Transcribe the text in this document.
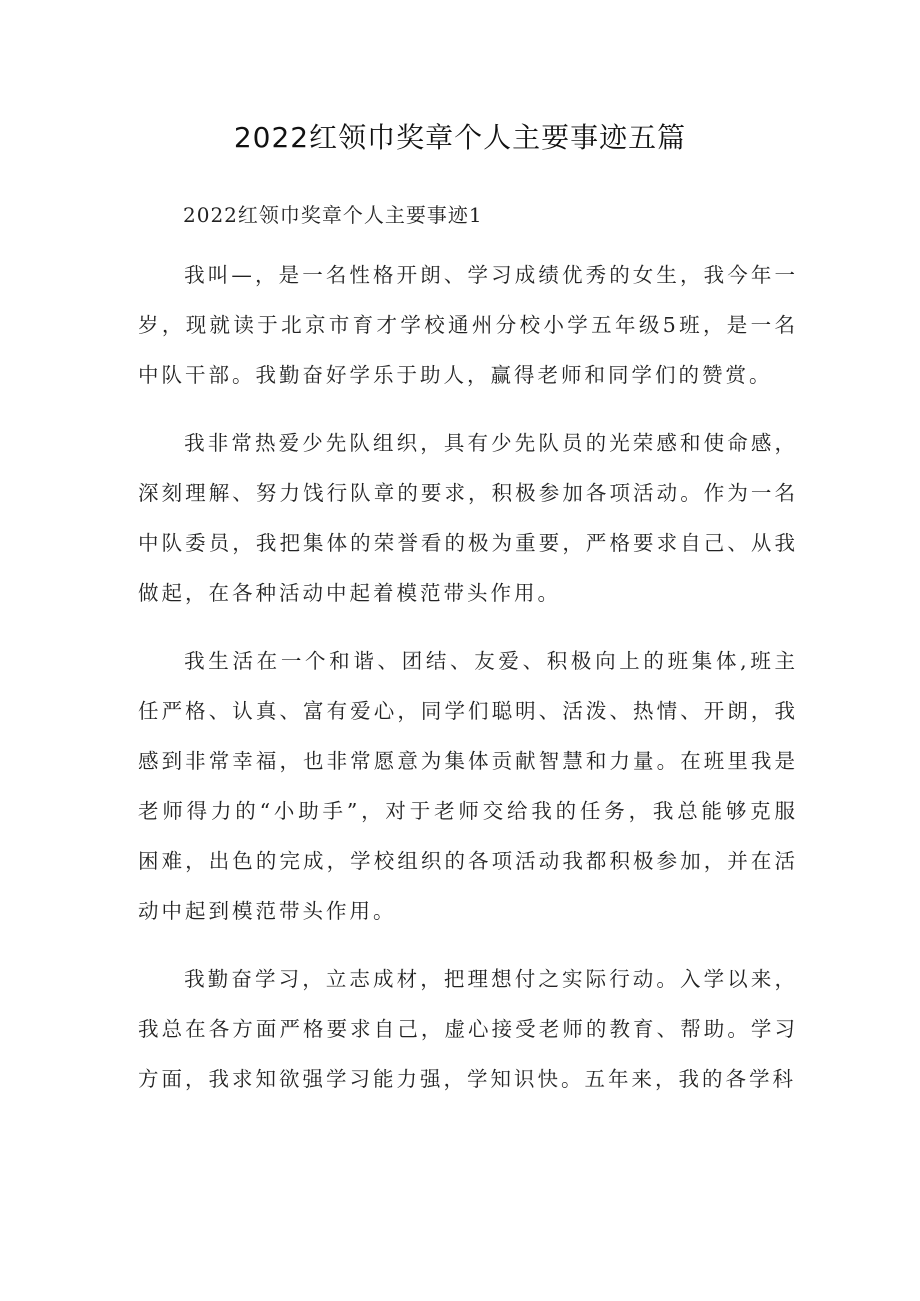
2022红领巾奖章个人主要事迹五篇
2022红领巾奖章个人主要事迹1

我叫—，是一名性格开朗、学习成绩优秀的女生，我今年一岁，现就读于北京市育才学校通州分校小学五年级5班，是一名中队干部。我勤奋好学乐于助人，赢得老师和同学们的赞赏。

我非常热爱少先队组织，具有少先队员的光荣感和使命感，深刻理解、努力饯行队章的要求，积极参加各项活动。作为一名中队委员，我把集体的荣誉看的极为重要，严格要求自己、从我做起，在各种活动中起着模范带头作用。

我生活在一个和谐、团结、友爱、积极向上的班集体,班主任严格、认真、富有爱心，同学们聪明、活泼、热情、开朗，我感到非常幸福，也非常愿意为集体贡献智慧和力量。在班里我是老师得力的“小助手”，对于老师交给我的任务，我总能够克服困难，出色的完成，学校组织的各项活动我都积极参加，并在活动中起到模范带头作用。

我勤奋学习，立志成材，把理想付之实际行动。入学以来，我总在各方面严格要求自己，虚心接受老师的教育、帮助。学习方面，我求知欲强学习能力强，学知识快。五年来，我的各学科
